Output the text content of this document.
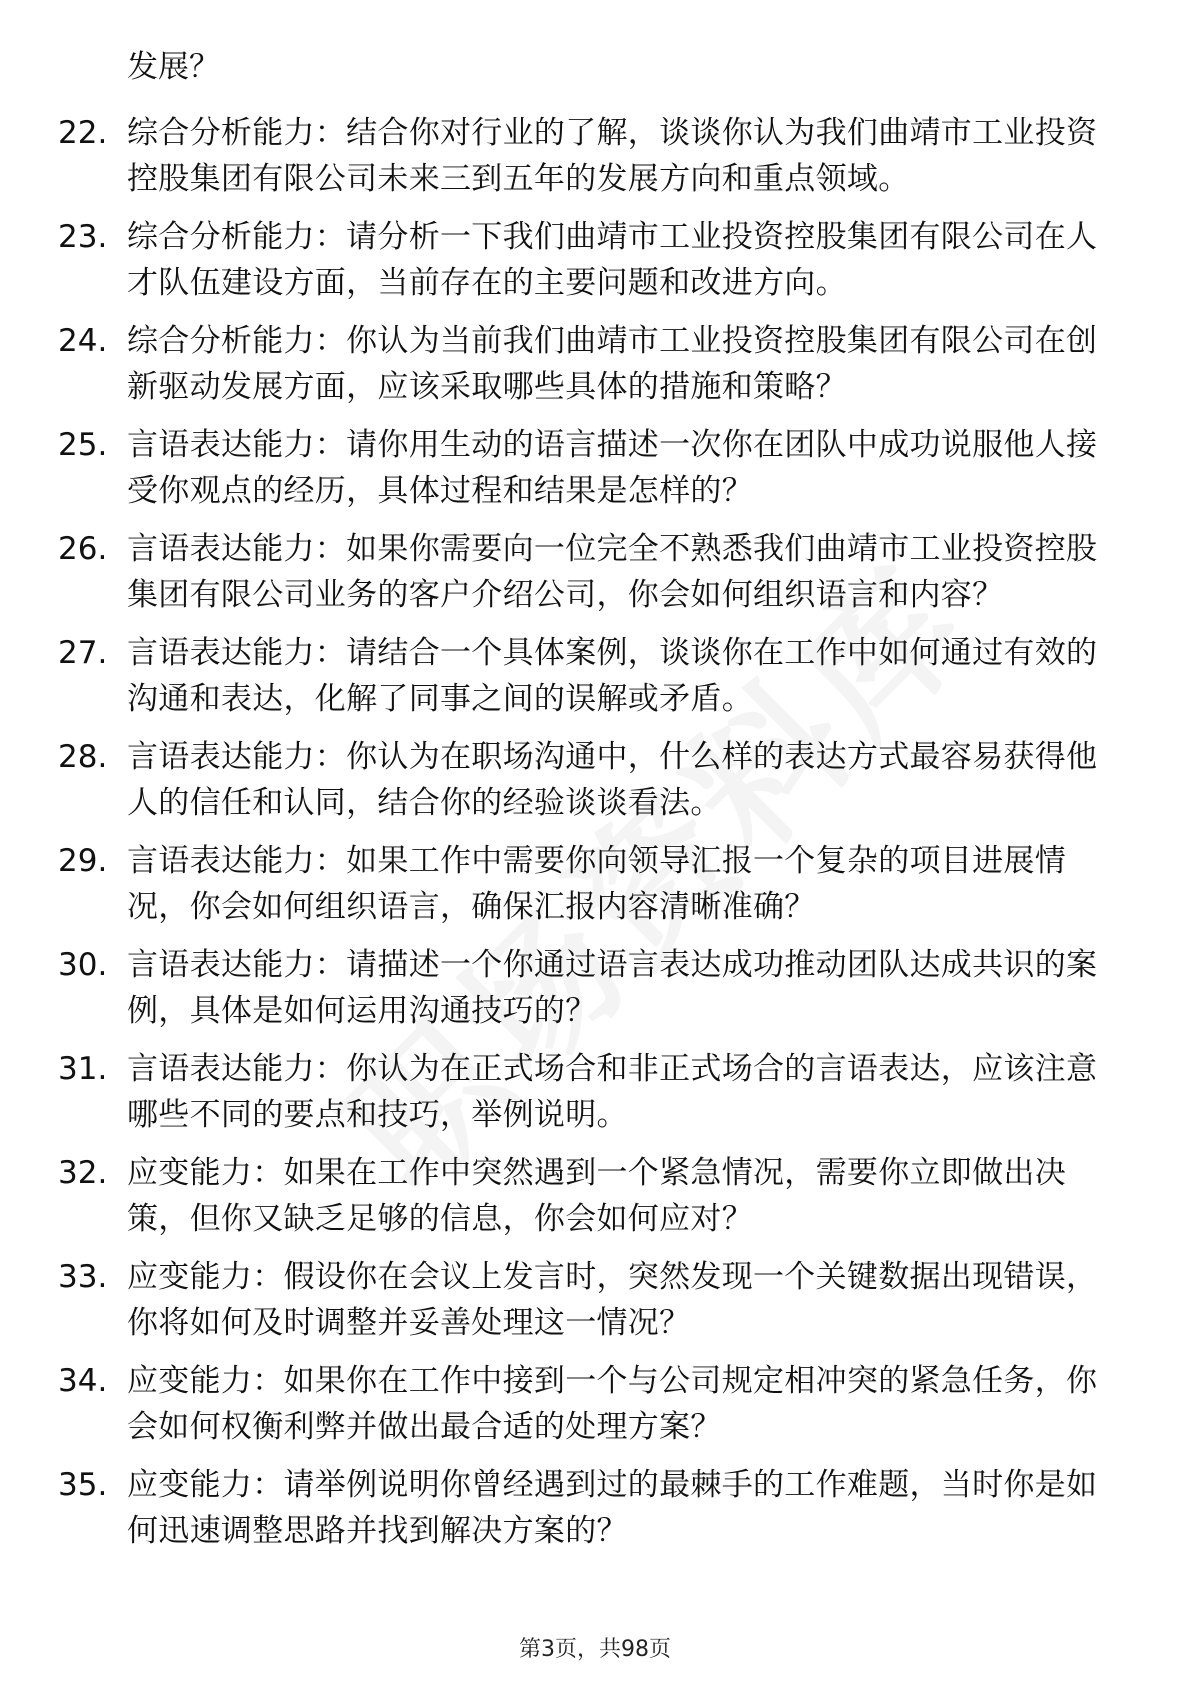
发展？
22. 综合分析能力：结合你对行业的了解，谈谈你认为我们曲靖市工业投资控股集团有限公司未来三到五年的发展方向和重点领域。
23. 综合分析能力：请分析一下我们曲靖市工业投资控股集团有限公司在人才队伍建设方面，当前存在的主要问题和改进方向。
24. 综合分析能力：你认为当前我们曲靖市工业投资控股集团有限公司在创新驱动发展方面，应该采取哪些具体的措施和策略？
25. 言语表达能力：请你用生动的语言描述一次你在团队中成功说服他人接受你观点的经历，具体过程和结果是怎样的？
26. 言语表达能力：如果你需要向一位完全不熟悉我们曲靖市工业投资控股集团有限公司业务的客户介绍公司，你会如何组织语言和内容？
27. 言语表达能力：请结合一个具体案例，谈谈你在工作中如何通过有效的沟通和表达，化解了同事之间的误解或矛盾。
28. 言语表达能力：你认为在职场沟通中，什么样的表达方式最容易获得他人的信任和认同，结合你的经验谈谈看法。
29. 言语表达能力：如果工作中需要你向领导汇报一个复杂的项目进展情况，你会如何组织语言，确保汇报内容清晰准确？
30. 言语表达能力：请描述一个你通过语言表达成功推动团队达成共识的案例，具体是如何运用沟通技巧的？
31. 言语表达能力：你认为在正式场合和非正式场合的言语表达，应该注意哪些不同的要点和技巧，举例说明。
32. 应变能力：如果在工作中突然遇到一个紧急情况，需要你立即做出决策，但你又缺乏足够的信息，你会如何应对？
33. 应变能力：假设你在会议上发言时，突然发现一个关键数据出现错误，你将如何及时调整并妥善处理这一情况？
34. 应变能力：如果你在工作中接到一个与公司规定相冲突的紧急任务，你会如何权衡利弊并做出最合适的处理方案？
35. 应变能力：请举例说明你曾经遇到过的最棘手的工作难题，当时你是如何迅速调整思路并找到解决方案的？
第3页，共98页
